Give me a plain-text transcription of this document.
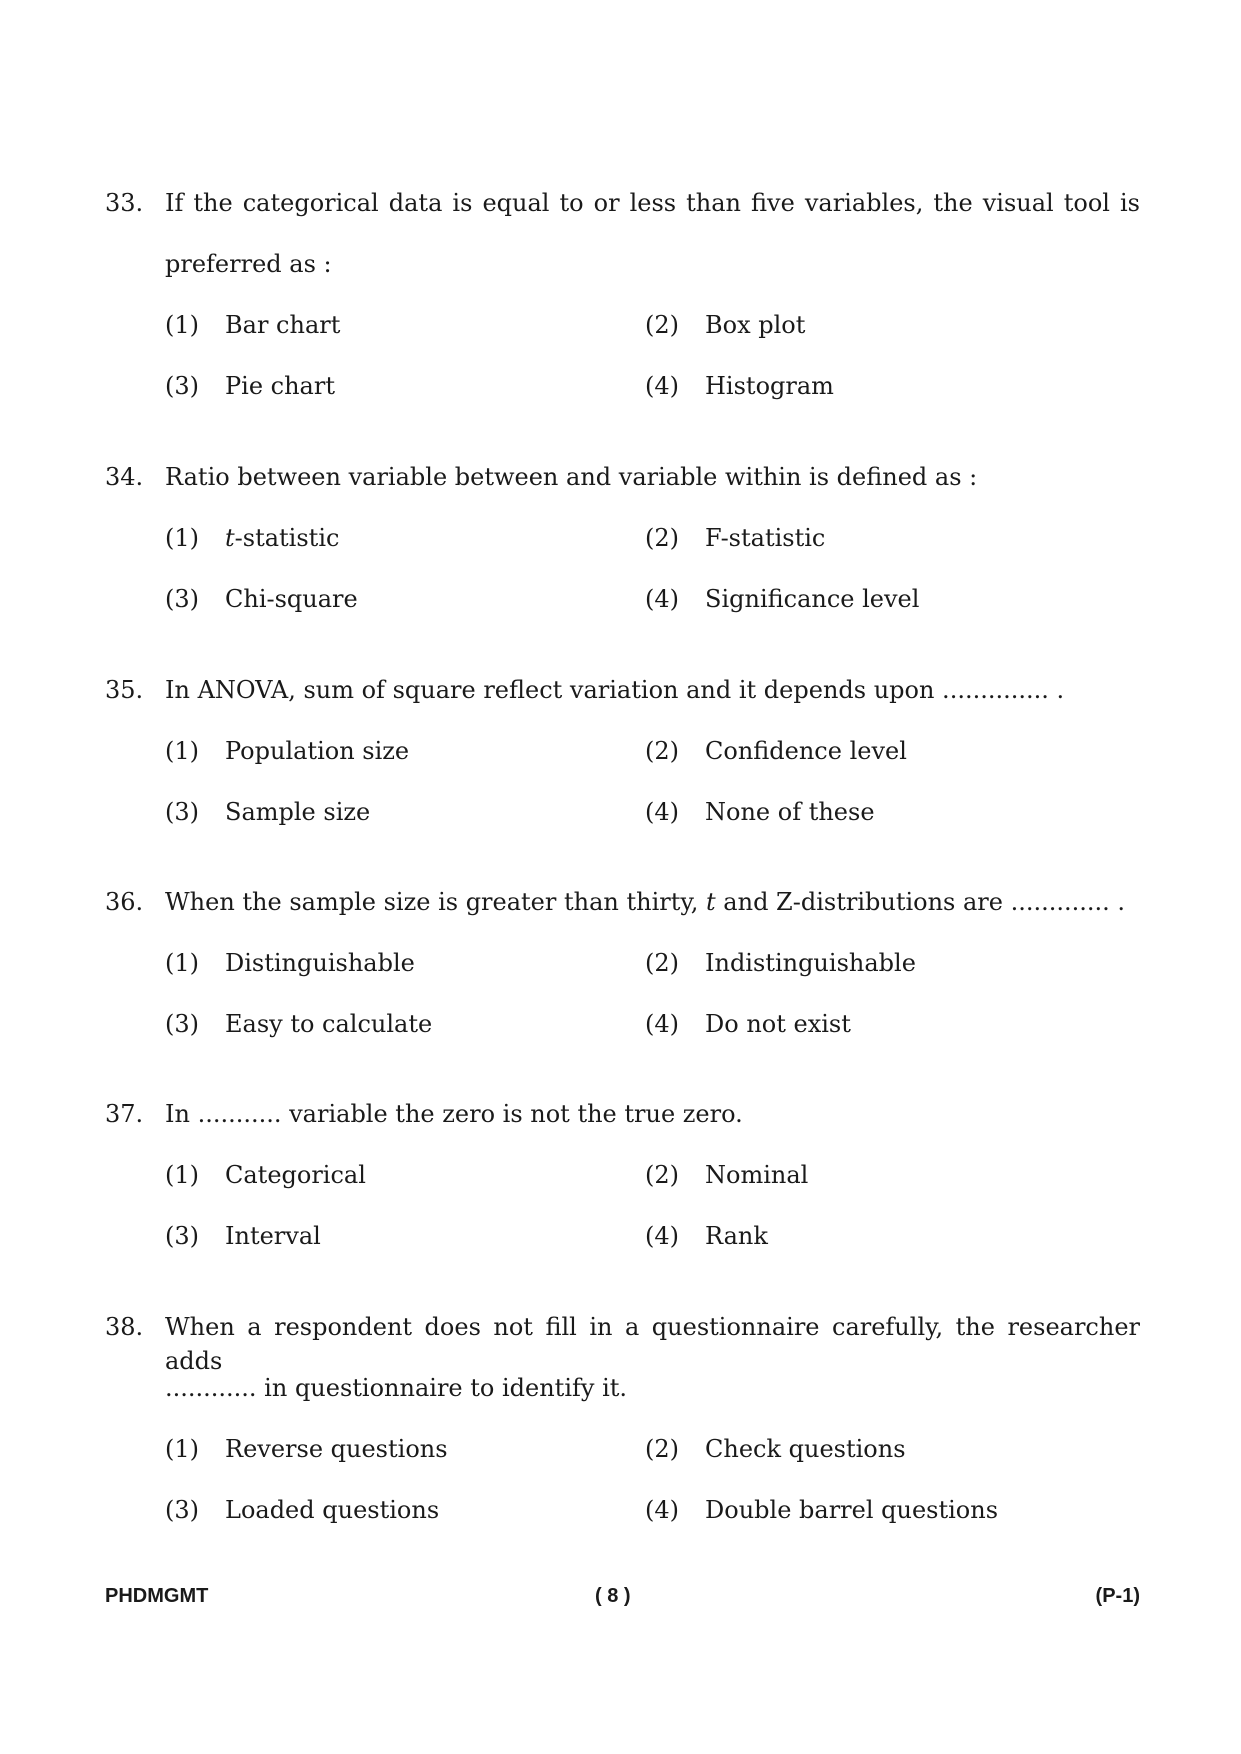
33. If the categorical data is equal to or less than five variables, the visual tool is
preferred as :
(1) Bar chart	(2) Box plot
(3) Pie chart	(4) Histogram
34. Ratio between variable between and variable within is defined as :
(1) t-statistic	(2) F-statistic
(3) Chi-square	(4) Significance level
35. In ANOVA, sum of square reflect variation and it depends upon .............. .
(1) Population size	(2) Confidence level
(3) Sample size	(4) None of these
36. When the sample size is greater than thirty, t and Z-distributions are ............. .
(1) Distinguishable	(2) Indistinguishable
(3) Easy to calculate	(4) Do not exist
37. In ........... variable the zero is not the true zero.
(1) Categorical	(2) Nominal
(3) Interval	(4) Rank
38. When a respondent does not fill in a questionnaire carefully, the researcher adds
............ in questionnaire to identify it.
(1) Reverse questions	(2) Check questions
(3) Loaded questions	(4) Double barrel questions
PHDMGMT	( 8 )	(P-1)
